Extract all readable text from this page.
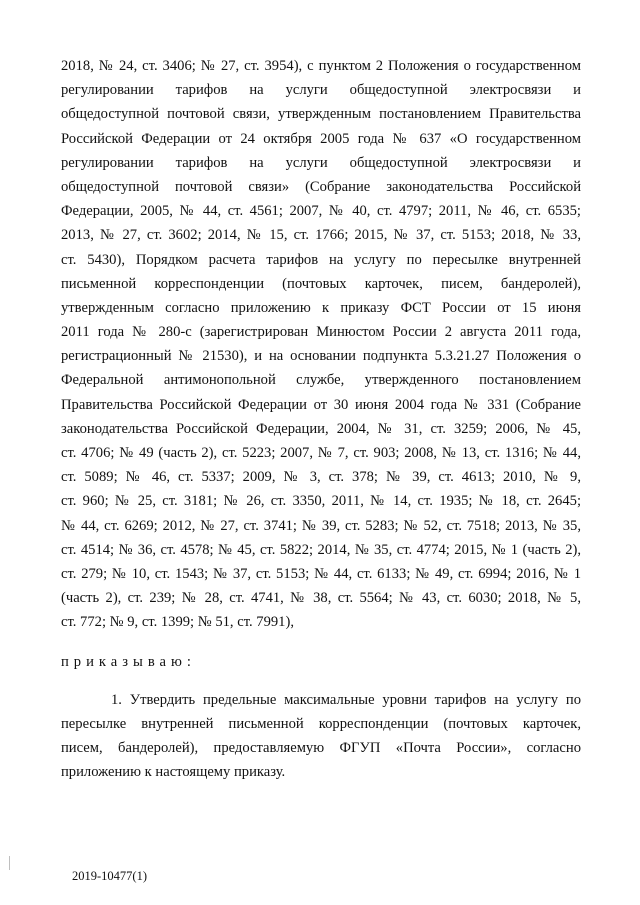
2018, № 24, ст. 3406; № 27, ст. 3954), с пунктом 2 Положения о государственном
регулировании тарифов на услуги общедоступной электросвязи и
общедоступной почтовой связи, утвержденным постановлением Правительства
Российской Федерации от 24 октября 2005 года № 637 «О государственном
регулировании тарифов на услуги общедоступной электросвязи и
общедоступной почтовой связи» (Собрание законодательства Российской
Федерации, 2005, № 44, ст. 4561; 2007, № 40, ст. 4797; 2011, № 46, ст. 6535;
2013, № 27, ст. 3602; 2014, № 15, ст. 1766; 2015, № 37, ст. 5153; 2018, № 33,
ст. 5430), Порядком расчета тарифов на услугу по пересылке внутренней
письменной корреспонденции (почтовых карточек, писем, бандеролей),
утвержденным согласно приложению к приказу ФСТ России от 15 июня
2011 года № 280-с (зарегистрирован Минюстом России 2 августа 2011 года,
регистрационный № 21530), и на основании подпункта 5.3.21.27 Положения о
Федеральной антимонопольной службе, утвержденного постановлением
Правительства Российской Федерации от 30 июня 2004 года № 331 (Собрание
законодательства Российской Федерации, 2004, № 31, ст. 3259; 2006, № 45,
ст. 4706; № 49 (часть 2), ст. 5223; 2007, № 7, ст. 903; 2008, № 13, ст. 1316; № 44,
ст. 5089; № 46, ст. 5337; 2009, № 3, ст. 378; № 39, ст. 4613; 2010, № 9,
ст. 960; № 25, ст. 3181; № 26, ст. 3350, 2011, № 14, ст. 1935; № 18, ст. 2645;
№ 44, ст. 6269; 2012, № 27, ст. 3741; № 39, ст. 5283; № 52, ст. 7518; 2013, № 35,
ст. 4514; № 36, ст. 4578; № 45, ст. 5822; 2014, № 35, ст. 4774; 2015, № 1 (часть 2),
ст. 279; № 10, ст. 1543; № 37, ст. 5153; № 44, ст. 6133; № 49, ст. 6994; 2016, № 1
(часть 2), ст. 239; № 28, ст. 4741, № 38, ст. 5564; № 43, ст. 6030; 2018, № 5,
ст. 772; № 9, ст. 1399; № 51, ст. 7991),
приказываю:
1. Утвердить предельные максимальные уровни тарифов на услугу по
пересылке внутренней письменной корреспонденции (почтовых карточек,
писем, бандеролей), предоставляемую ФГУП «Почта России», согласно
приложению к настоящему приказу.
2019-10477(1)
